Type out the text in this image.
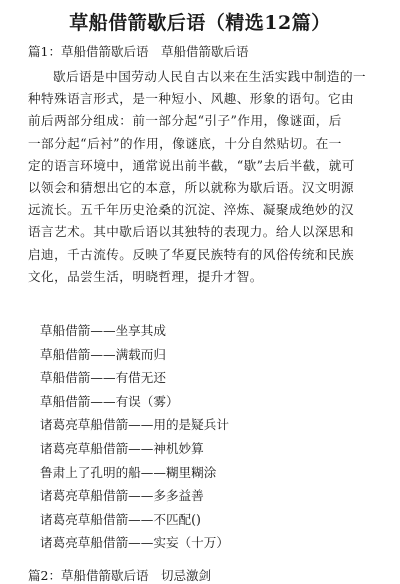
草船借箭歇后语（精选12篇）
篇1：草船借箭歇后语　草船借箭歇后语
歇后语是中国劳动人民自古以来在生活实践中制造的一
种特殊语言形式，是一种短小、风趣、形象的语句。它由
前后两部分组成：前一部分起“引子”作用，像谜面，后
一部分起“后衬”的作用，像谜底，十分自然贴切。在一
定的语言环境中，通常说出前半截，“歇”去后半截，就可
以领会和猜想出它的本意，所以就称为歇后语。汉文明源
远流长。五千年历史沧桑的沉淀、淬炼、凝聚成绝妙的汉
语言艺术。其中歇后语以其独特的表现力。给人以深思和
启迪，千古流传。反映了华夏民族特有的风俗传统和民族
文化，品尝生活，明晓哲理，提升才智。
草船借箭——坐享其成
草船借箭——满载而归
草船借箭——有借无还
草船借箭——有误（雾）
诸葛亮草船借箭——用的是疑兵计
诸葛亮草船借箭——神机妙算
鲁肃上了孔明的船——糊里糊涂
诸葛亮草船借箭——多多益善
诸葛亮草船借箭——不匹配()
诸葛亮草船借箭——实妄（十万）
篇2：草船借箭歇后语　切忌激剑
